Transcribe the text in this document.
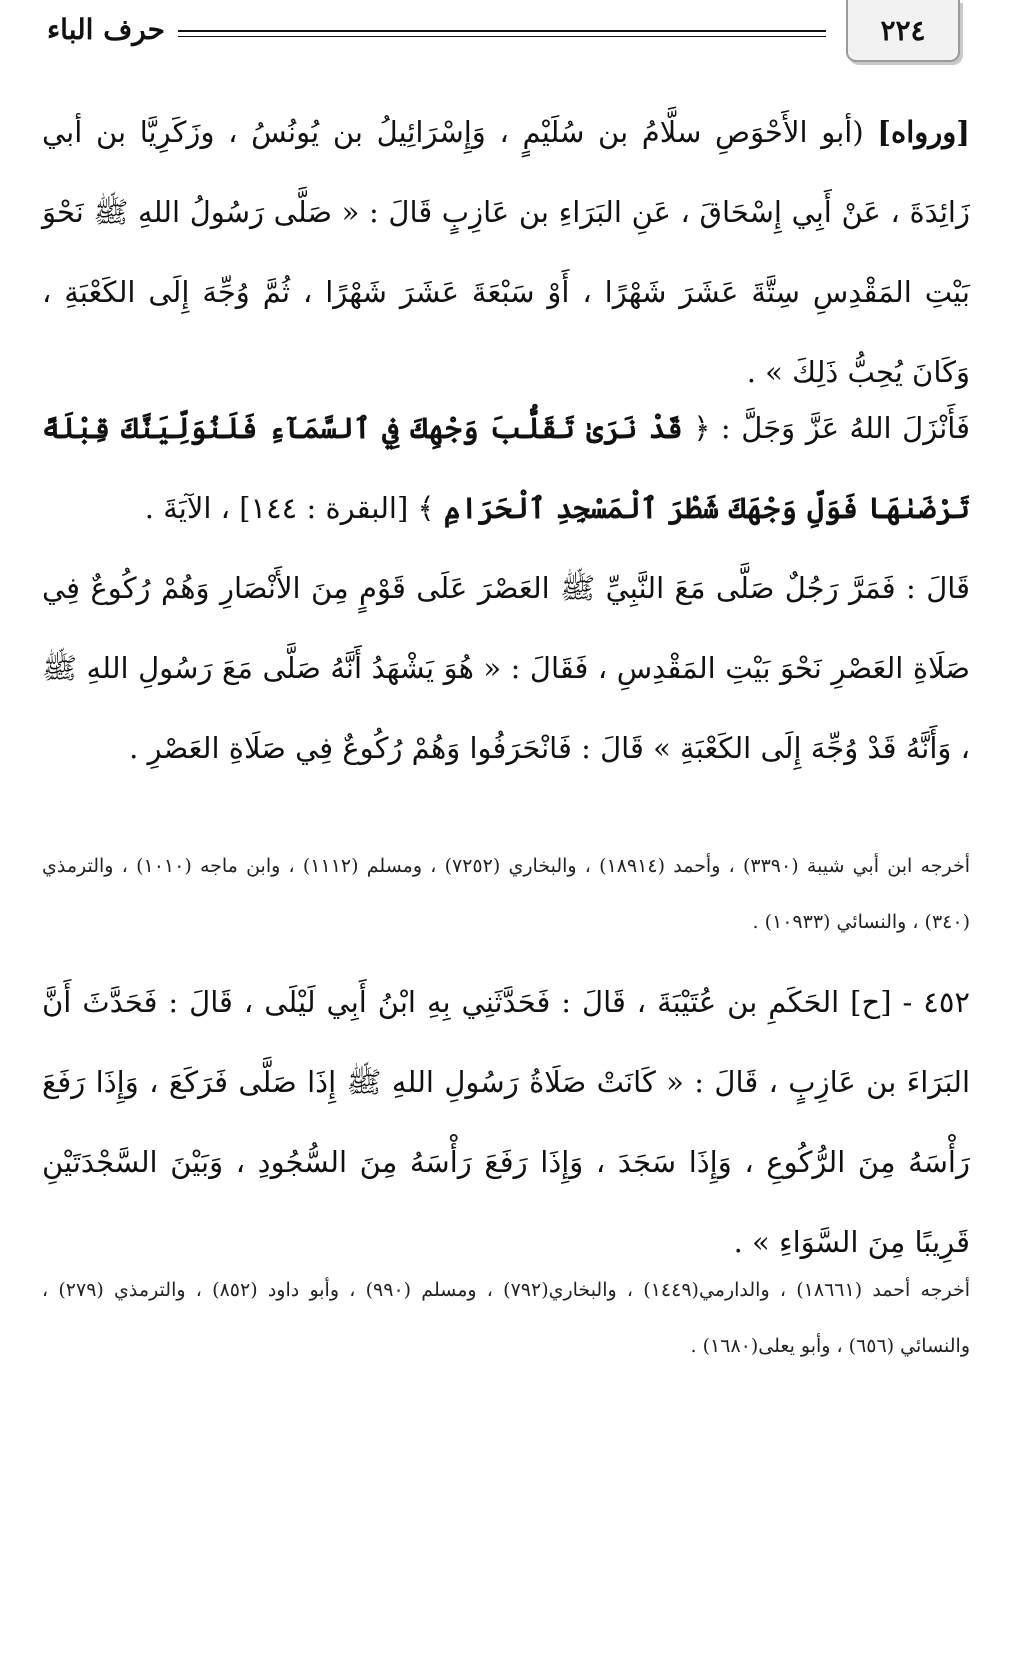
٢٢٤
حرف الباء
[ورواه] (أبو الأَحْوَصِ سلَّامُ بن سُلَيْمٍ ، وَإِسْرَائِيلُ بن يُونُسُ ، وزَكَرِيَّا بن أبي زَائِدَةَ ، عَنْ أَبِي إِسْحَاقَ ، عَنِ البَرَاءِ بن عَازِبٍ قَالَ : « صَلَّى رَسُولُ اللهِ ﷺ نَحْوَ بَيْتِ المَقْدِسِ سِتَّةَ عَشَرَ شَهْرًا ، أَوْ سَبْعَةَ عَشَرَ شَهْرًا ، ثُمَّ وُجِّهَ إِلَى الكَعْبَةِ ، وَكَانَ يُحِبُّ ذَلِكَ » .
فَأَنْزَلَ اللهُ عَزَّ وَجَلَّ : ﴿ قَدْ نَرَىٰ تَقَلُّبَ وَجْهِكَ فِي ٱلسَّمَآءِ فَلَنُوَلِّيَنَّكَ قِبْلَةً تَرْضَىٰهَا فَوَلِّ وَجْهَكَ شَطْرَ ٱلْمَسْجِدِ ٱلْحَرَامِ ﴾ [البقرة : ١٤٤] ، الآيَةَ .
قَالَ : فَمَرَّ رَجُلٌ صَلَّى مَعَ النَّبِيِّ ﷺ العَصْرَ عَلَى قَوْمٍ مِنَ الأَنْصَارِ وَهُمْ رُكُوعٌ فِي صَلَاةِ العَصْرِ نَحْوَ بَيْتِ المَقْدِسِ ، فَقَالَ : « هُوَ يَشْهَدُ أَنَّهُ صَلَّى مَعَ رَسُولِ اللهِ ﷺ ، وَأَنَّهُ قَدْ وُجِّهَ إِلَى الكَعْبَةِ » قَالَ : فَانْحَرَفُوا وَهُمْ رُكُوعٌ فِي صَلَاةِ العَصْرِ .
أخرجه ابن أبي شيبة (٣٣٩٠) ، وأحمد (١٨٩١٤) ، والبخاري (٧٢٥٢) ، ومسلم (١١١٢) ، وابن ماجه (١٠١٠) ، والترمذي (٣٤٠) ، والنسائي (١٠٩٣٣) .
٤٥٢ - [ح] الحَكَمِ بن عُتَيْبَةَ ، قَالَ : فَحَدَّثَنِي بِهِ ابْنُ أَبِي لَيْلَى ، قَالَ : فَحَدَّثَ أَنَّ البَرَاءَ بن عَازِبٍ ، قَالَ : « كَانَتْ صَلَاةُ رَسُولِ اللهِ ﷺ إِذَا صَلَّى فَرَكَعَ ، وَإِذَا رَفَعَ رَأْسَهُ مِنَ الرُّكُوعِ ، وَإِذَا سَجَدَ ، وَإِذَا رَفَعَ رَأْسَهُ مِنَ السُّجُودِ ، وَبَيْنَ السَّجْدَتَيْنِ قَرِيبًا مِنَ السَّوَاءِ » .
أخرجه أحمد (١٨٦٦١) ، والدارمي(١٤٤٩) ، والبخاري(٧٩٢) ، ومسلم (٩٩٠) ، وأبو داود (٨٥٢) ، والترمذي (٢٧٩) ، والنسائي (٦٥٦) ، وأبو يعلى(١٦٨٠) .
